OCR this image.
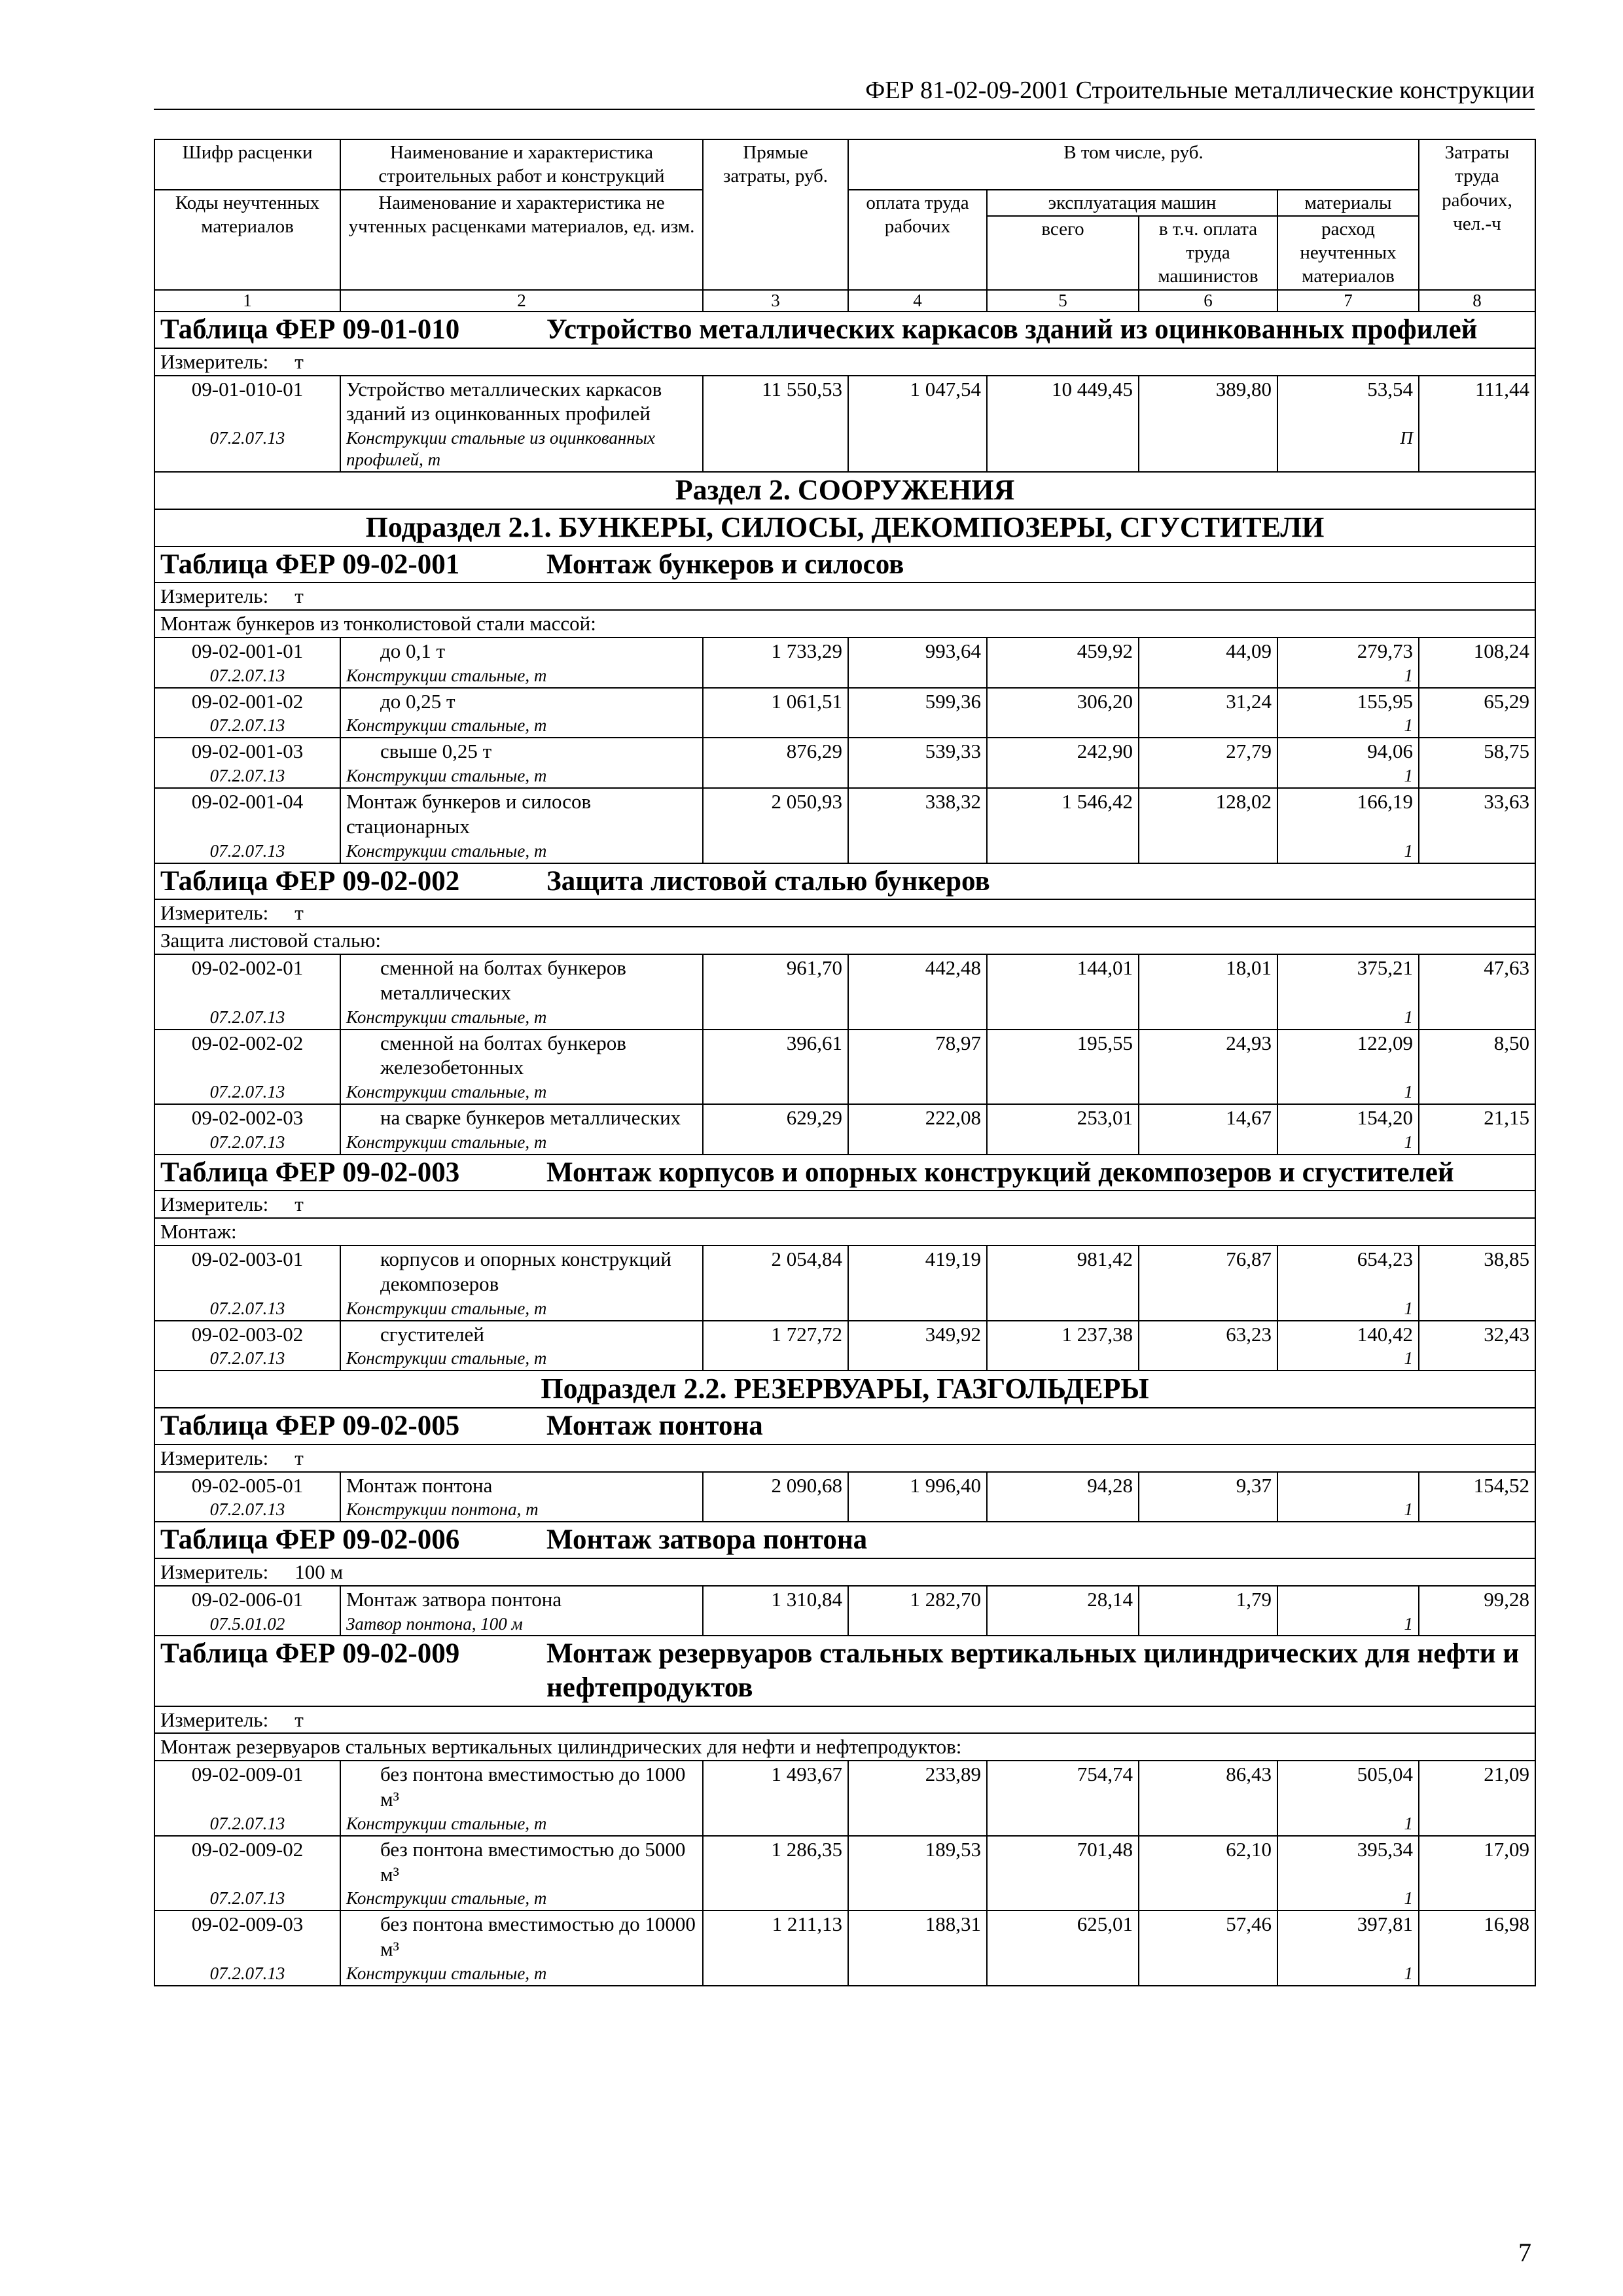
ФЕР 81-02-09-2001 Строительные металлические конструкции
Шифр расценки	Наименование и характеристика строительных работ и конструкций	Прямые затраты, руб.	В том числе, руб.				Затраты труда рабочих, чел.-ч
Коды неучтенных материалов	Наименование и характеристика не учтенных расценками материалов, ед. изм.		оплата труда рабочих	эксплуатация машин		материалы	
				всего	в т.ч. оплата труда машинистов	расход неучтенных материалов	
1	2	3	4	5	6	7	8
Таблица ФЕР 09-01-010 Устройство металлических каркасов зданий из оцинкованных профилей							
Измеритель: т							
09-01-010-01	Устройство металлических каркасов зданий из оцинкованных профилей	11 550,53	1 047,54	10 449,45	389,80	53,54	111,44
07.2.07.13	Конструкции стальные из оцинкованных профилей, т					П	
Раздел 2. СООРУЖЕНИЯ							
Подраздел 2.1. БУНКЕРЫ, СИЛОСЫ, ДЕКОМПОЗЕРЫ, СГУСТИТЕЛИ							
Таблица ФЕР 09-02-001 Монтаж бункеров и силосов							
Измеритель: т							
Монтаж бункеров из тонколистовой стали массой:							
09-02-001-01	до 0,1 т	1 733,29	993,64	459,92	44,09	279,73	108,24
07.2.07.13	Конструкции стальные, т					1	
09-02-001-02	до 0,25 т	1 061,51	599,36	306,20	31,24	155,95	65,29
07.2.07.13	Конструкции стальные, т					1	
09-02-001-03	свыше 0,25 т	876,29	539,33	242,90	27,79	94,06	58,75
07.2.07.13	Конструкции стальные, т					1	
09-02-001-04	Монтаж бункеров и силосов стационарных	2 050,93	338,32	1 546,42	128,02	166,19	33,63
07.2.07.13	Конструкции стальные, т					1	
Таблица ФЕР 09-02-002 Защита листовой сталью бункеров							
Измеритель: т							
Защита листовой сталью:							
09-02-002-01	сменной на болтах бункеров металлических	961,70	442,48	144,01	18,01	375,21	47,63
07.2.07.13	Конструкции стальные, т					1	
09-02-002-02	сменной на болтах бункеров железобетонных	396,61	78,97	195,55	24,93	122,09	8,50
07.2.07.13	Конструкции стальные, т					1	
09-02-002-03	на сварке бункеров металлических	629,29	222,08	253,01	14,67	154,20	21,15
07.2.07.13	Конструкции стальные, т					1	
Таблица ФЕР 09-02-003 Монтаж корпусов и опорных конструкций декомпозеров и сгустителей							
Измеритель: т							
Монтаж:							
09-02-003-01	корпусов и опорных конструкций декомпозеров	2 054,84	419,19	981,42	76,87	654,23	38,85
07.2.07.13	Конструкции стальные, т					1	
09-02-003-02	сгустителей	1 727,72	349,92	1 237,38	63,23	140,42	32,43
07.2.07.13	Конструкции стальные, т					1	
Подраздел 2.2. РЕЗЕРВУАРЫ, ГАЗГОЛЬДЕРЫ							
Таблица ФЕР 09-02-005 Монтаж понтона							
Измеритель: т							
09-02-005-01	Монтаж понтона	2 090,68	1 996,40	94,28	9,37		154,52
07.2.07.13	Конструкции понтона, т					1	
Таблица ФЕР 09-02-006 Монтаж затвора понтона							
Измеритель: 100 м							
09-02-006-01	Монтаж затвора понтона	1 310,84	1 282,70	28,14	1,79		99,28
07.5.01.02	Затвор понтона, 100 м					1	
Таблица ФЕР 09-02-009 Монтаж резервуаров стальных вертикальных цилиндрических для нефти и нефтепродуктов							
Измеритель: т							
Монтаж резервуаров стальных вертикальных цилиндрических для нефти и нефтепродуктов:							
09-02-009-01	без понтона вместимостью до 1000 м³	1 493,67	233,89	754,74	86,43	505,04	21,09
07.2.07.13	Конструкции стальные, т					1	
09-02-009-02	без понтона вместимостью до 5000 м³	1 286,35	189,53	701,48	62,10	395,34	17,09
07.2.07.13	Конструкции стальные, т					1	
09-02-009-03	без понтона вместимостью до 10000 м³	1 211,13	188,31	625,01	57,46	397,81	16,98
07.2.07.13	Конструкции стальные, т					1	
7
